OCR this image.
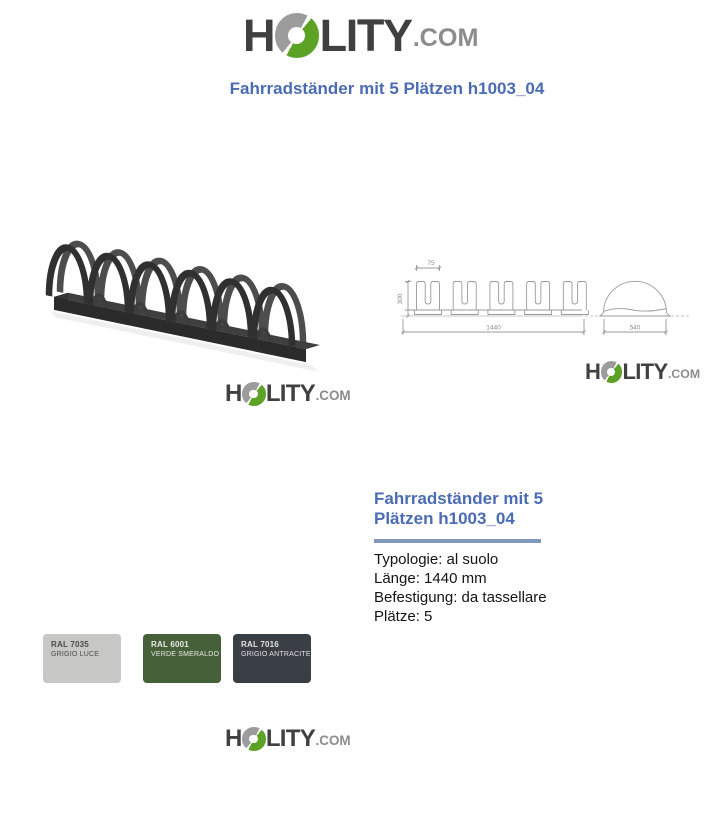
H LITY .COM
Fahrradständer mit 5 Plätzen h1003_04
H LITY .COM
75
300
1440	540
H LITY .COM
Fahrradständer mit 5 Plätzen h1003_04
Typologie: al suolo
Länge: 1440 mm
Befestigung: da tassellare
Plätze: 5
RAL 7035
GRIGIO LUCE
RAL 6001
VERDE SMERALDO
RAL 7016
GRIGIO ANTRACITE
H LITY .COM
